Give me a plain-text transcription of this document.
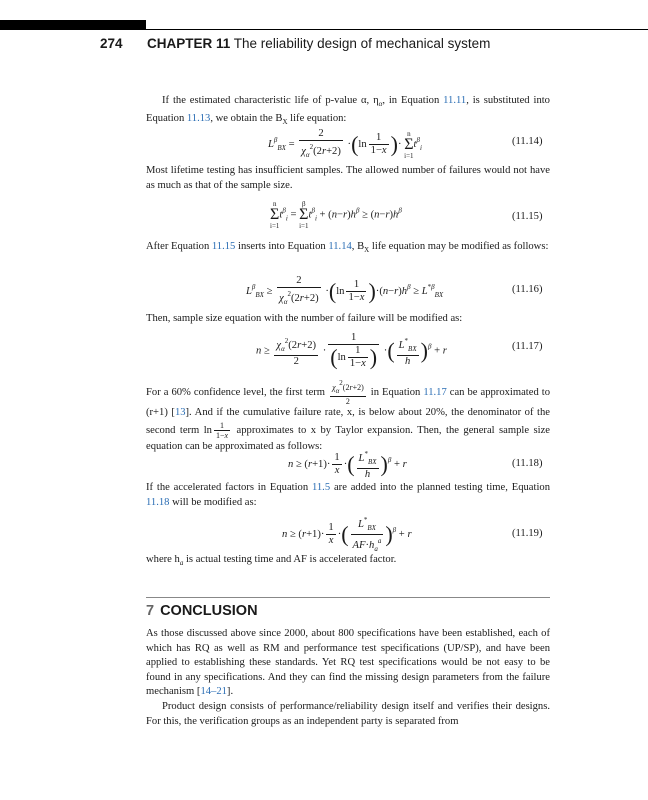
274 CHAPTER 11 The reliability design of mechanical system
If the estimated characteristic life of p-value α, $\eta_\alpha$, in Equation 11.11, is substituted into Equation 11.13, we obtain the $B_X$ life equation:
$L^\beta_{BX} = \frac{2}{\chi_\alpha^2(2r+2)} \cdot(\ln \frac{1}{1-x}$ )· n
Σ
$i=1t^\beta_i$
(11.14)
Most lifetime testing has insufficient samples. The allowed number of failures would not have as much as that of the sample size.
n
Σ
$i=1t^\beta_i = \beta$
Σ
$i=1t^\beta_i + (n-r)h^\beta \ge (n-r)h^\beta$
(11.15)
After Equation 11.15 inserts into Equation 11.14, $B_X$ life equation may be modified as follows:
$L^\beta_{BX} \ge \frac{2}{\chi_\alpha^2(2r+2)} \cdot(\ln \frac{1}{1-x} )\cdot(n-r)h^\beta \ge L^{*\beta}_{BX}$	(11.16)
Then, sample size equation with the number of failure will be modified as:
$n \ge \frac{\chi_\alpha^2(2r+2)}{2} \cdot \frac{1}{(\ln \frac{1}{1-x} )}$ ·( $\frac{L^*_{BX}}{h} )^\beta + r$	(11.17)
For a 60% confidence level, the first term $\frac{\chi\alpha 2(2r+2)}{2}$ in Equation 11.17 can be approximated to (r+1) [13]. And if the cumulative failure rate, x, is below about 20%, the denominator of the second term $\ln \frac{1}{1-x}$ approximates to x by Taylor expansion. Then, the general sample size equation can be approximated as follows:
$n \ge (r+1)\cdot \frac{1}{x}$ ·( $\frac{L^*_{BX}}{h} )^\beta + r$	(11.18)
If the accelerated factors in Equation 11.5 are added into the planned testing time, Equation 11.18 will be modified as:
$n \ge (r+1)\cdot \frac{1}{x}$ ·( $\frac{L^*_{BX}}{AF\cdot h_a^a} )^\beta + r$	(11.19)
where $h_a$ is actual testing time and AF is accelerated factor.
7 CONCLUSION
As those discussed above since 2000, about 800 specifications have been established, each of which has RQ as well as RM and performance test specifications (UP/SP), and have been applied to establishing these standards. Yet RQ test specifications would be not easy to be found in any specifications. And they can find the missing design parameters from the failure mechanism [14–21].
Product design consists of performance/reliability design itself and verifies their designs. For this, the verification groups as an independent party is separated from
